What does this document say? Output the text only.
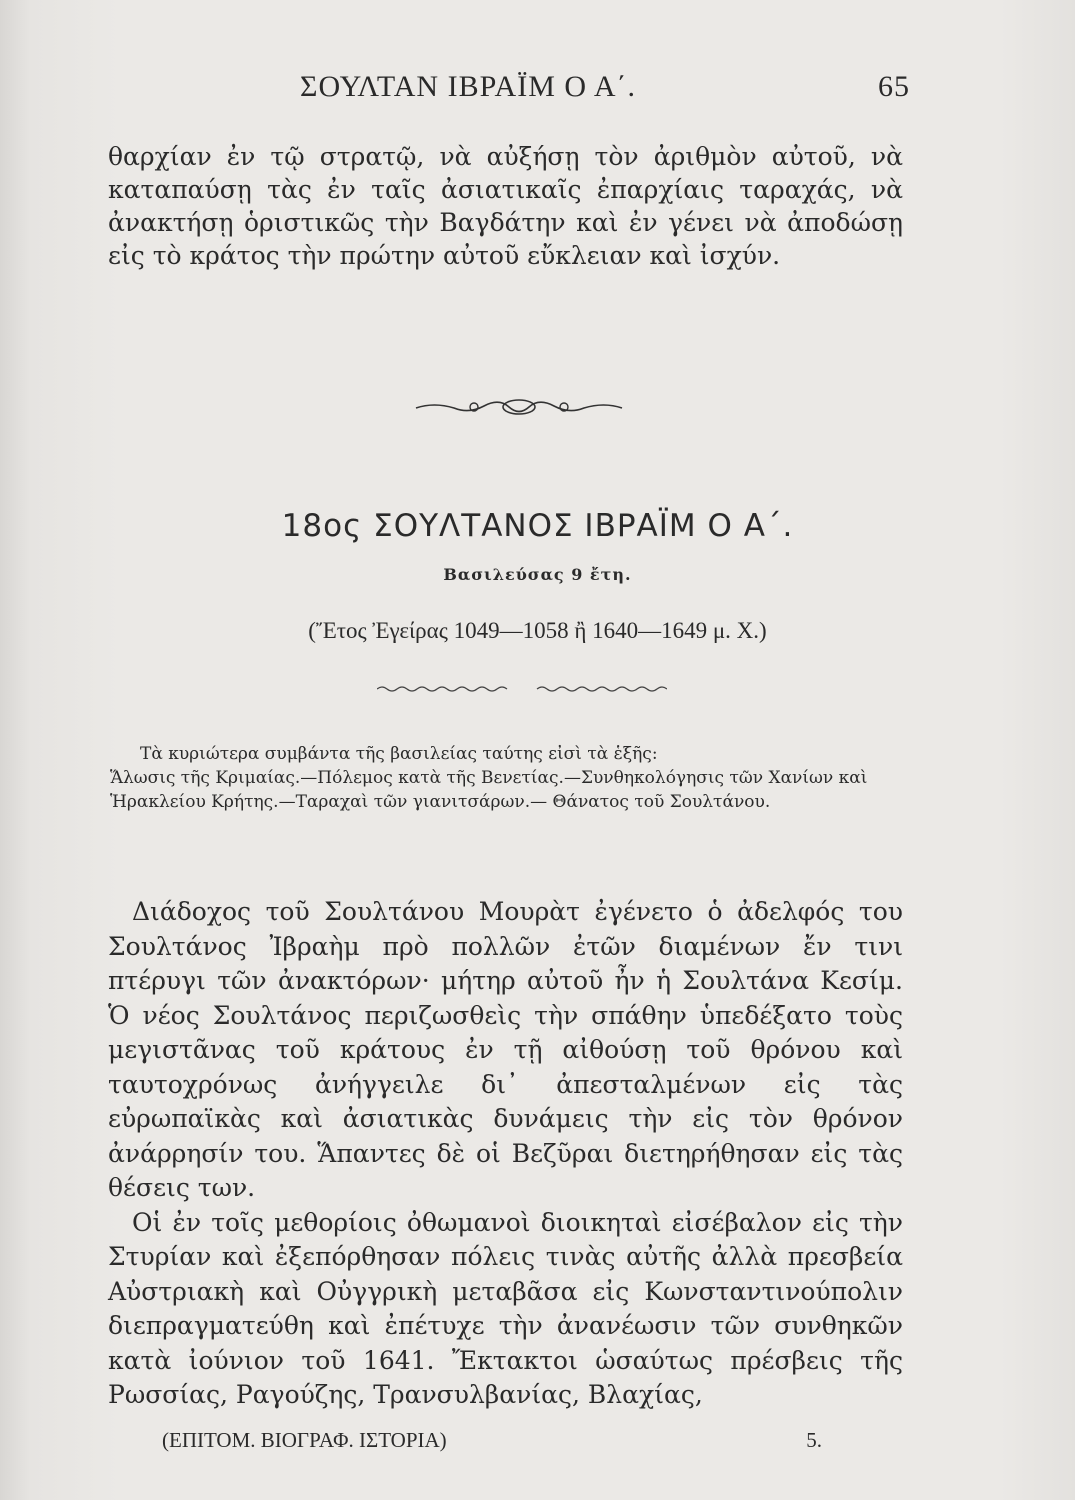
ΣΟΥΛΤΑΝ ΙΒΡΑΪΜ Ο Α΄.	65
θαρχίαν ἐν τῷ στρατῷ, νὰ αὐξήσῃ τὸν ἀριθμὸν αὐτοῦ, νὰ καταπαύσῃ τὰς ἐν ταῖς ἀσιατικαῖς ἐπαρχίαις ταραχάς, νὰ ἀνακτήσῃ ὁριστικῶς τὴν Βαγδάτην καὶ ἐν γένει νὰ ἀποδώσῃ εἰς τὸ κράτος τὴν πρώτην αὐτοῦ εὔκλειαν καὶ ἰσχύν.
18ος ΣΟΥΛΤΑΝΟΣ ΙΒΡΑΪΜ Ο Α΄.
Βασιλεύσας 9 ἔτη.
(Ἔτος Ἐγείρας 1049—1058 ἢ 1640—1649 μ. Χ.)

Τὰ κυριώτερα συμβάντα τῆς βασιλείας ταύτης εἰσὶ τὰ ἑξῆς:

Ἅλωσις τῆς Κριμαίας.—Πόλεμος κατὰ τῆς Βενετίας.—Συνθηκολόγησις τῶν Χανίων καὶ Ἡρακλείου Κρήτης.—Ταραχαὶ τῶν γιανιτσάρων.— Θάνατος τοῦ Σουλτάνου.

Διάδοχος τοῦ Σουλτάνου Μουρὰτ ἐγένετο ὁ ἀδελφός του Σουλτάνος Ἰβραὴμ πρὸ πολλῶν ἐτῶν διαμένων ἔν τινι πτέρυγι τῶν ἀνακτόρων· μήτηρ αὐτοῦ ἦν ἡ Σουλτάνα Κεσίμ. Ὁ νέος Σουλτάνος περιζωσθεὶς τὴν σπάθην ὑπεδέξατο τοὺς μεγιστᾶνας τοῦ κράτους ἐν τῇ αἰθούσῃ τοῦ θρόνου καὶ ταυτοχρόνως ἀνήγγειλε δι᾽ ἀπεσταλμένων εἰς τὰς εὐρωπαϊκὰς καὶ ἀσιατικὰς δυνάμεις τὴν εἰς τὸν θρόνον ἀνάρρησίν του. Ἅπαντες δὲ οἱ Βεζῦραι διετηρήθησαν εἰς τὰς θέσεις των.

Οἱ ἐν τοῖς μεθορίοις ὀθωμανοὶ διοικηταὶ εἰσέβαλον εἰς τὴν Στυρίαν καὶ ἐξεπόρθησαν πόλεις τινὰς αὐτῆς ἀλλὰ πρεσβεία Αὐστριακὴ καὶ Οὐγγρικὴ μεταβᾶσα εἰς Κωνσταντινούπολιν διεπραγματεύθη καὶ ἐπέτυχε τὴν ἀνανέωσιν τῶν συνθηκῶν κατὰ ἰούνιον τοῦ 1641. Ἔκτακτοι ὡσαύτως πρέσβεις τῆς Ρωσσίας, Ραγούζης, Τρανσυλβανίας, Βλαχίας,

(ΕΠΙΤΟΜ. ΒΙΟΓΡΑΦ. ΙΣΤΟΡΙΑ)	5.
